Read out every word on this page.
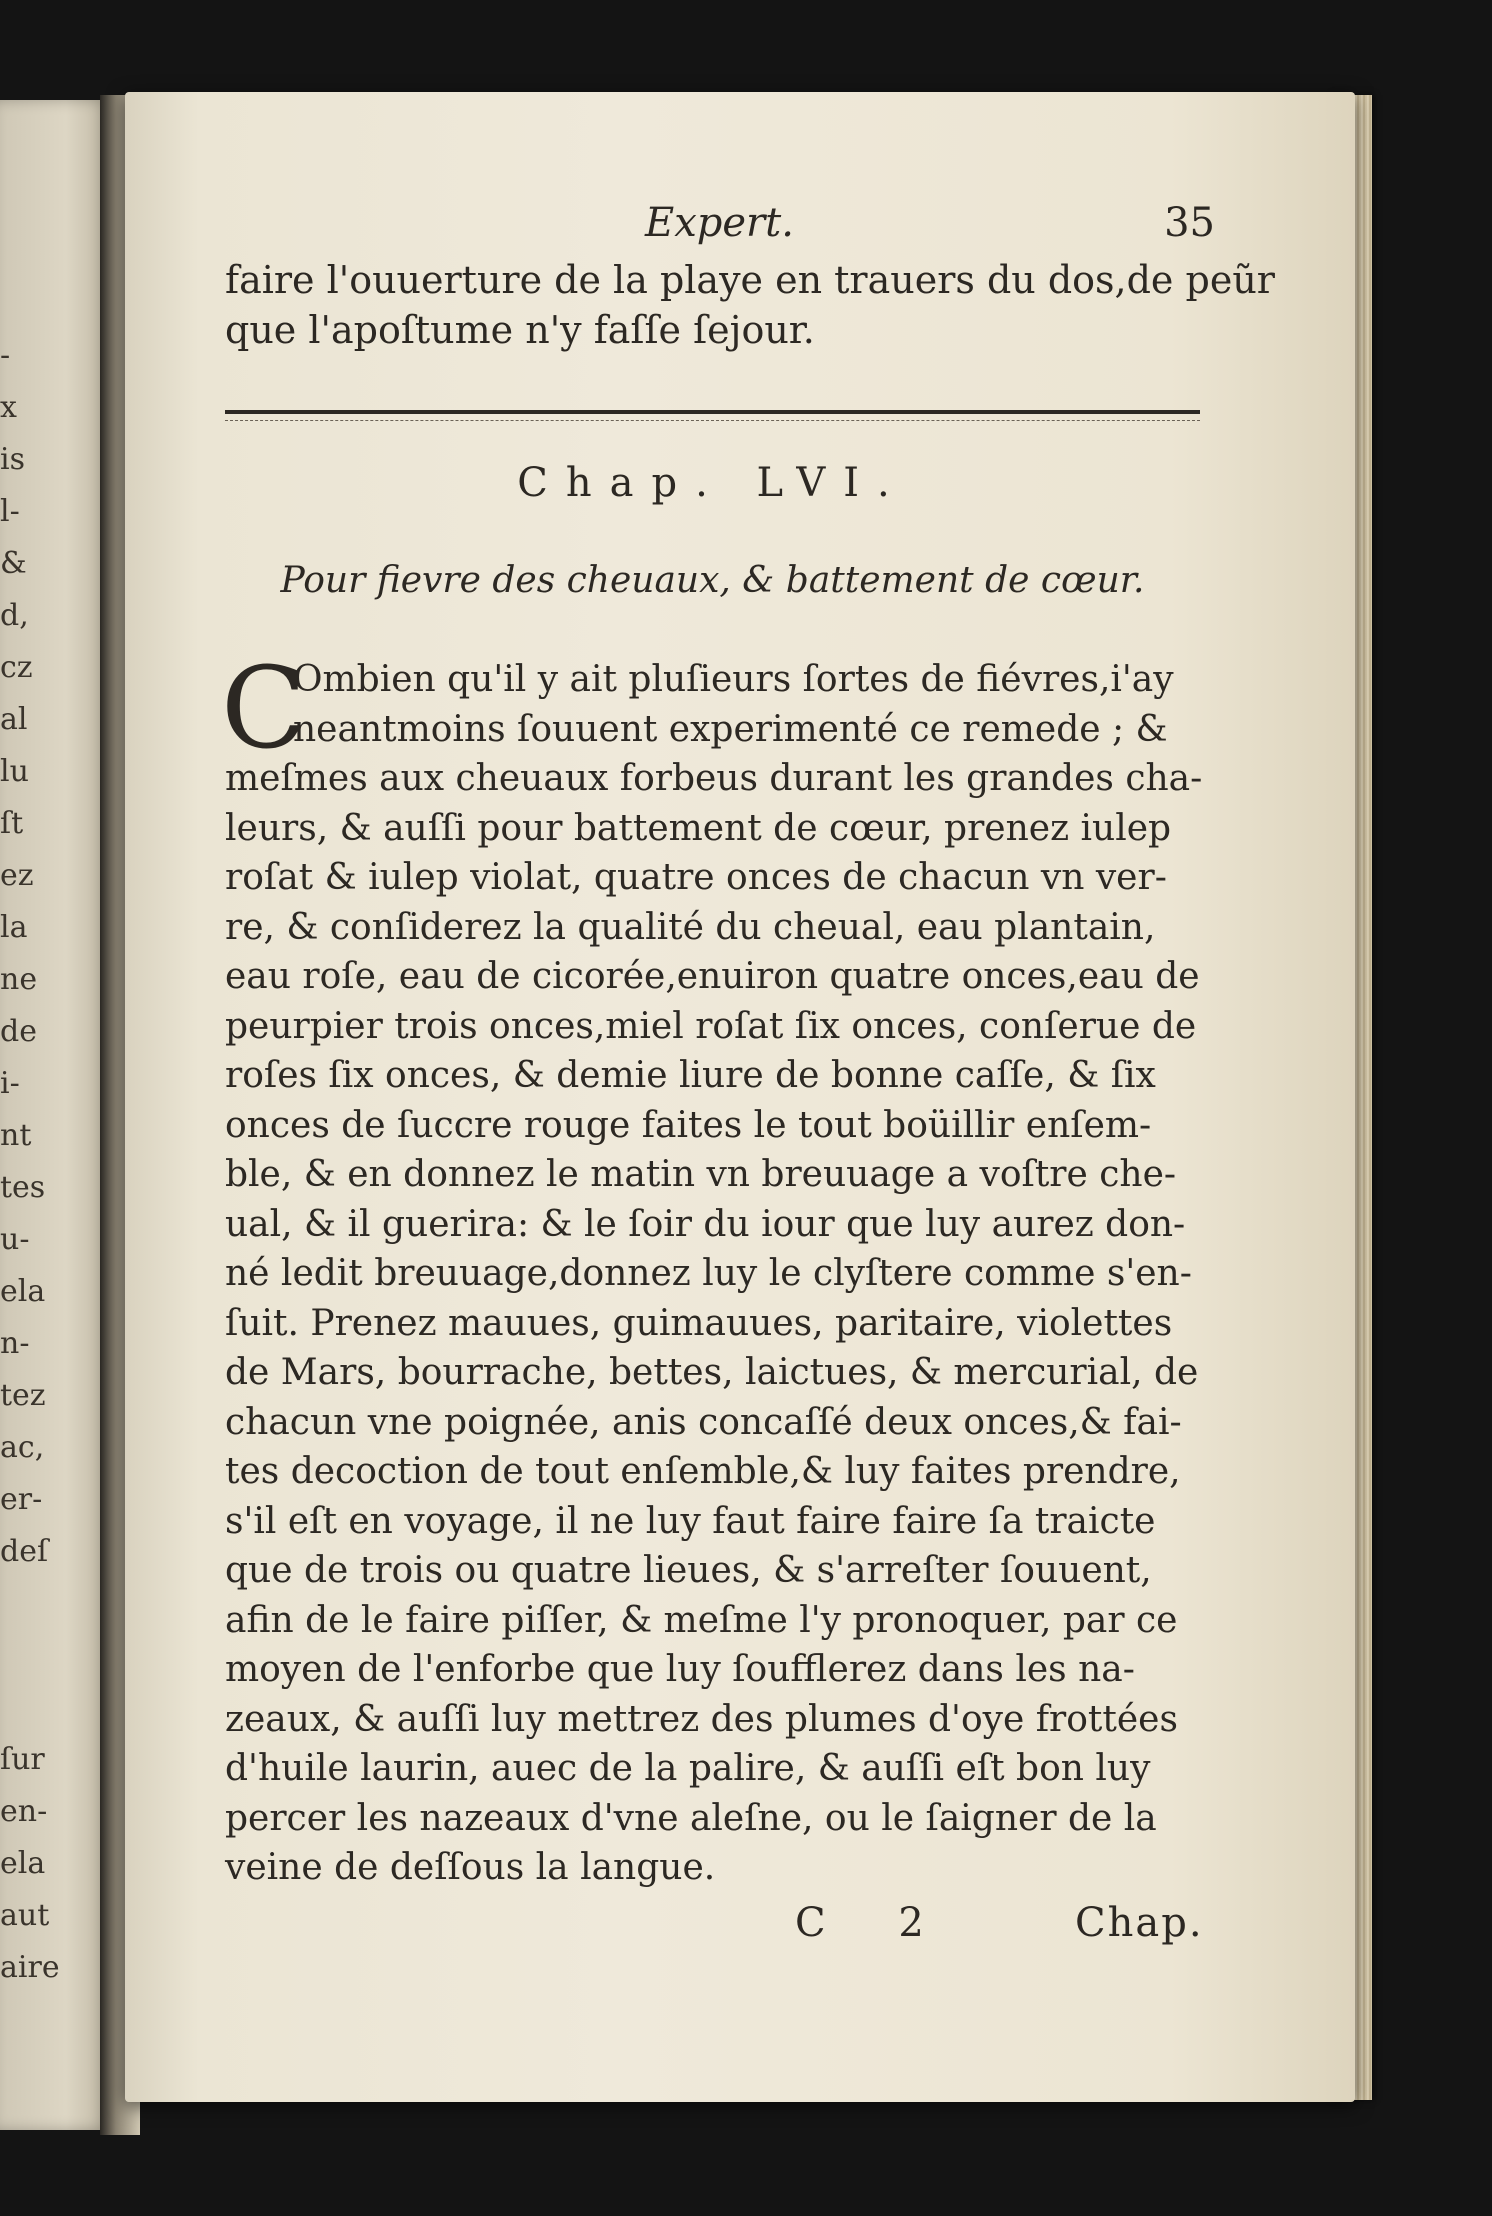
-
x
is
l-
&
d,
cz
al
lu
ſt
ez
la
ne
de
i-
nt
tes
u-
ela
n-
tez
ac,
er-
deſ
ſur
en-
ela
aut
aire
Expert.	35
faire l'ouuerture de la playe en trauers du dos,de peũr
que l'apoſtume n'y faſſe ſejour.
Chap. LVI.
Pour fievre des cheuaux, & battement de cœur.
C
Ombien qu'il y ait pluſieurs ſortes de fiévres,i'ay
neantmoins ſouuent experimenté ce remede ; &
meſmes aux cheuaux forbeus durant les grandes cha-
leurs, & auſſi pour battement de cœur, prenez iulep
roſat & iulep violat, quatre onces de chacun vn ver-
re, & conſiderez la qualité du cheual, eau plantain,
eau roſe, eau de cicorée,enuiron quatre onces,eau de
peurpier trois onces,miel roſat ſix onces, conſerue de
roſes ſix onces, & demie liure de bonne caſſe, & ſix
onces de ſuccre rouge faites le tout boüillir enſem-
ble, & en donnez le matin vn breuuage a voſtre che-
ual, & il guerira: & le ſoir du iour que luy aurez don-
né ledit breuuage,donnez luy le clyſtere comme s'en-
ſuit. Prenez mauues, guimauues, paritaire, violettes
de Mars, bourrache, bettes, laictues, & mercurial, de
chacun vne poignée, anis concaſſé deux onces,& fai-
tes decoction de tout enſemble,& luy faites prendre,
s'il eſt en voyage, il ne luy faut faire faire ſa traicte
que de trois ou quatre lieues, & s'arreſter ſouuent,
afin de le faire piſſer, & meſme l'y pronoquer, par ce
moyen de l'enforbe que luy ſoufflerez dans les na-
zeaux, & auſſi luy mettrez des plumes d'oye frottées
d'huile laurin, auec de la palire, & auſſi eſt bon luy
percer les nazeaux d'vne aleſne, ou le ſaigner de la
veine de deſſous la langue.
C 2	Chap.
